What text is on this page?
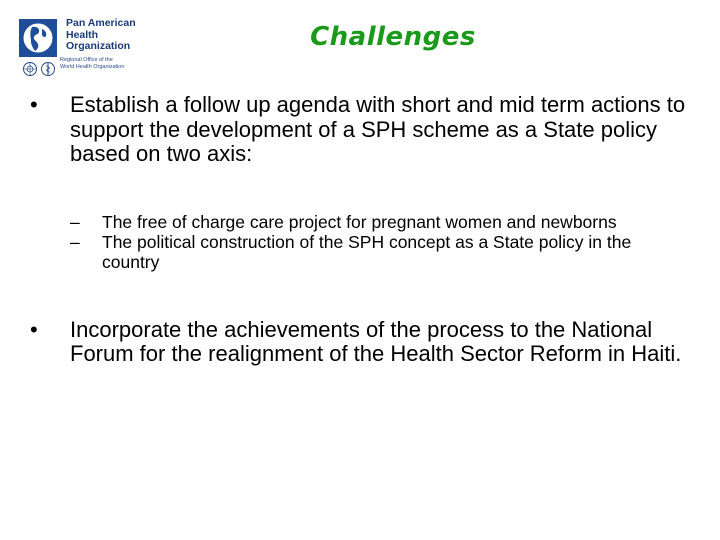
Pan American
Health
Organization
Regional Office of the
World Health Organization
Challenges
•	Establish a follow up agenda with short and mid term actions to support the development of a SPH scheme as a State policy based on two axis:
–	The free of charge care project for pregnant women and newborns
–	The political construction of the SPH concept as a State policy in the country
•	Incorporate the achievements of the process to the National Forum for the realignment of the Health Sector Reform in Haiti.
